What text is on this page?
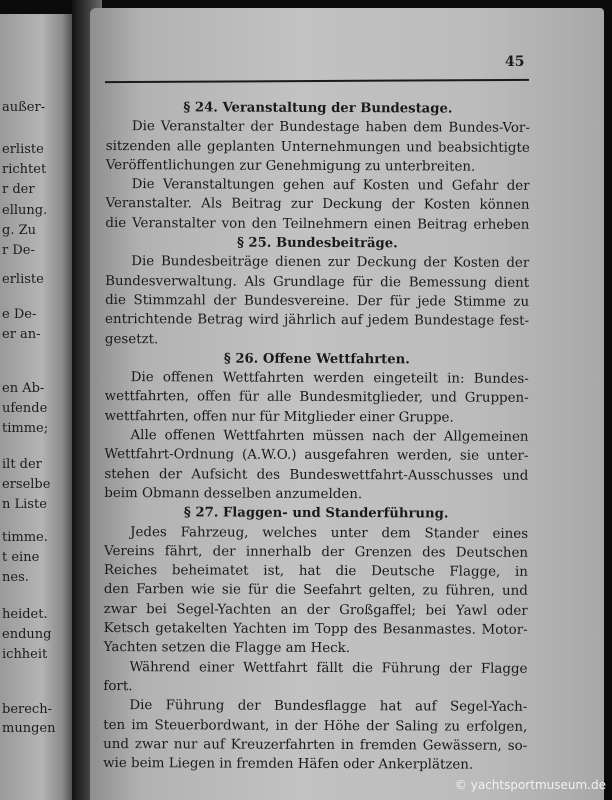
außer-
erliste
richtet
r der
ellung.
g. Zu
r De-
erliste
e De-
er an-
en Ab-
ufende
timme;
ilt der
erselbe
n Liste
timme.
t eine
nes.
heidet.
endung
ichheit
berech-
mungen
45
§ 24. Veranstaltung der Bundestage.
Die Veranstalter der Bundestage haben dem Bundes-Vor-
sitzenden alle geplanten Unternehmungen und beabsichtigte
Veröffentlichungen zur Genehmigung zu unterbreiten.
Die Veranstaltungen gehen auf Kosten und Gefahr der
Veranstalter. Als Beitrag zur Deckung der Kosten können
die Veranstalter von den Teilnehmern einen Beitrag erheben
§ 25. Bundesbeiträge.
Die Bundesbeiträge dienen zur Deckung der Kosten der
Bundesverwaltung. Als Grundlage für die Bemessung dient
die Stimmzahl der Bundesvereine. Der für jede Stimme zu
entrichtende Betrag wird jährlich auf jedem Bundestage fest-
gesetzt.
§ 26. Offene Wettfahrten.
Die offenen Wettfahrten werden eingeteilt in: Bundes-
wettfahrten, offen für alle Bundesmitglieder, und Gruppen-
wettfahrten, offen nur für Mitglieder einer Gruppe.
Alle offenen Wettfahrten müssen nach der Allgemeinen
Wettfahrt-Ordnung (A.W.O.) ausgefahren werden, sie unter-
stehen der Aufsicht des Bundeswettfahrt-Ausschusses und
beim Obmann desselben anzumelden.
§ 27. Flaggen- und Standerführung.
Jedes Fahrzeug, welches unter dem Stander eines
Vereins fährt, der innerhalb der Grenzen des Deutschen
Reiches beheimatet ist, hat die Deutsche Flagge, in
den Farben wie sie für die Seefahrt gelten, zu führen, und
zwar bei Segel-Yachten an der Großgaffel; bei Yawl oder
Ketsch getakelten Yachten im Topp des Besanmastes. Motor-
Yachten setzen die Flagge am Heck.
Während einer Wettfahrt fällt die Führung der Flagge
fort.
Die Führung der Bundesflagge hat auf Segel-Yach-
ten im Steuerbordwant, in der Höhe der Saling zu erfolgen,
und zwar nur auf Kreuzerfahrten in fremden Gewässern, so-
wie beim Liegen in fremden Häfen oder Ankerplätzen.
© yachtsportmuseum.de
